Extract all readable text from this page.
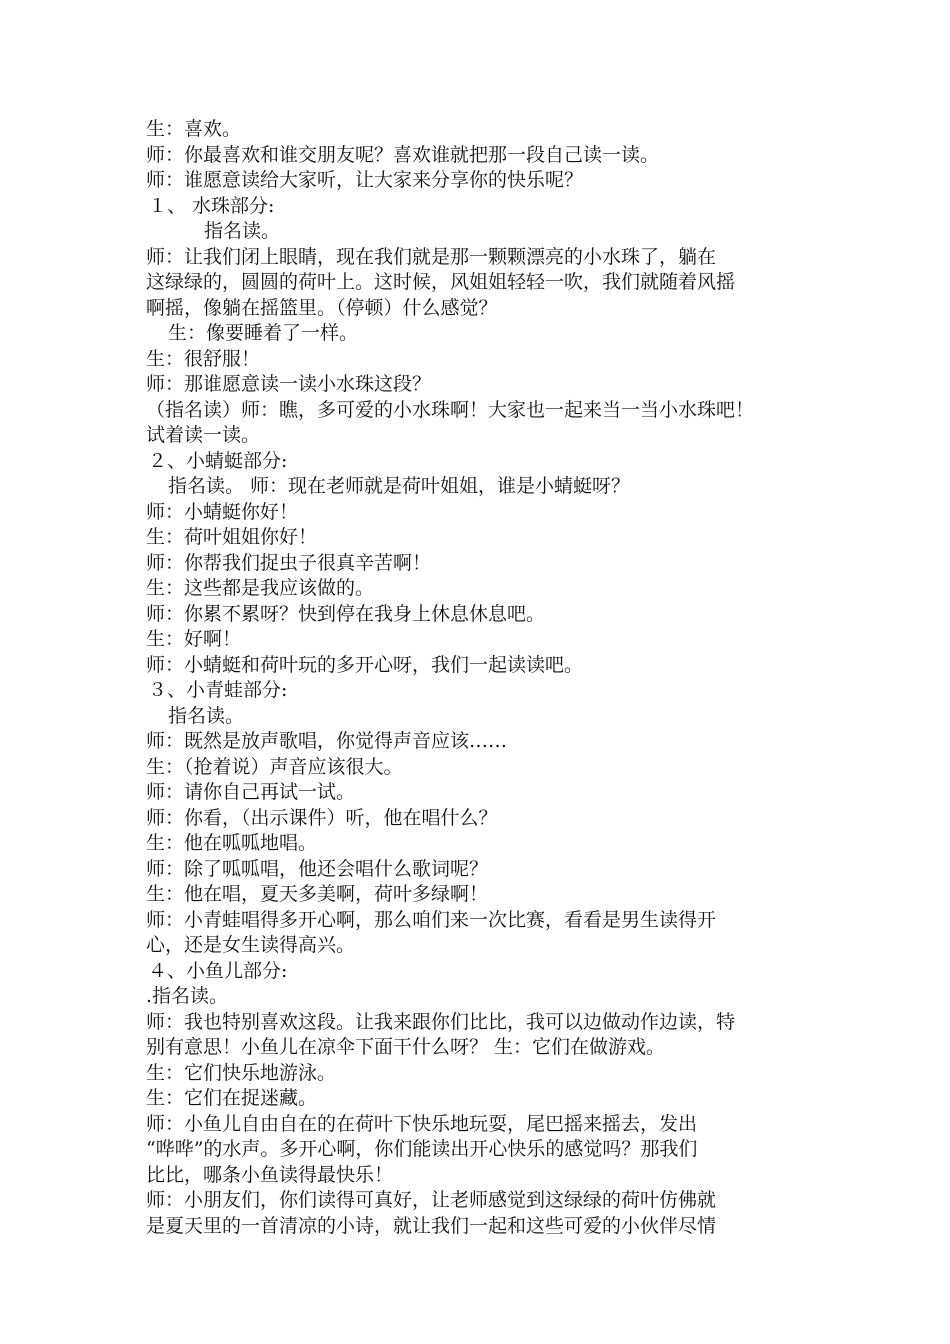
生：喜欢。
师：你最喜欢和谁交朋友呢？喜欢谁就把那一段自己读一读。
师：谁愿意读给大家听，让大家来分享你的快乐呢？
１、 水珠部分:
指名读。
师：让我们闭上眼睛，现在我们就是那一颗颗漂亮的小水珠了，躺在
这绿绿的，圆圆的荷叶上。这时候，风姐姐轻轻一吹，我们就随着风摇
啊摇，像躺在摇篮里。（停顿）什么感觉？
生：像要睡着了一样。
生：很舒服！
师：那谁愿意读一读小水珠这段？
（指名读）师：瞧，多可爱的小水珠啊！大家也一起来当一当小水珠吧！
试着读一读。
２、小蜻蜓部分:
指名读。 师：现在老师就是荷叶姐姐，谁是小蜻蜓呀？
师：小蜻蜓你好！
生：荷叶姐姐你好！
师：你帮我们捉虫子很真辛苦啊！
生：这些都是我应该做的。
师：你累不累呀？快到停在我身上休息休息吧。
生：好啊！
师：小蜻蜓和荷叶玩的多开心呀，我们一起读读吧。
３、小青蛙部分:
指名读。
师：既然是放声歌唱，你觉得声音应该……
生：（抢着说）声音应该很大。
师：请你自己再试一试。
师：你看，（出示课件）听，他在唱什么？
生：他在呱呱地唱。
师：除了呱呱唱，他还会唱什么歌词呢？
生：他在唱，夏天多美啊，荷叶多绿啊！
师：小青蛙唱得多开心啊，那么咱们来一次比赛，看看是男生读得开
心，还是女生读得高兴。
４、小鱼儿部分:
.指名读。
师：我也特别喜欢这段。让我来跟你们比比，我可以边做动作边读，特
别有意思！小鱼儿在凉伞下面干什么呀？ 生：它们在做游戏。
生：它们快乐地游泳。
生：它们在捉迷藏。
师：小鱼儿自由自在的在荷叶下快乐地玩耍，尾巴摇来摇去，发出
“哗哗”的水声。多开心啊，你们能读出开心快乐的感觉吗？那我们
比比，哪条小鱼读得最快乐！
师：小朋友们，你们读得可真好，让老师感觉到这绿绿的荷叶仿佛就
是夏天里的一首清凉的小诗，就让我们一起和这些可爱的小伙伴尽情
